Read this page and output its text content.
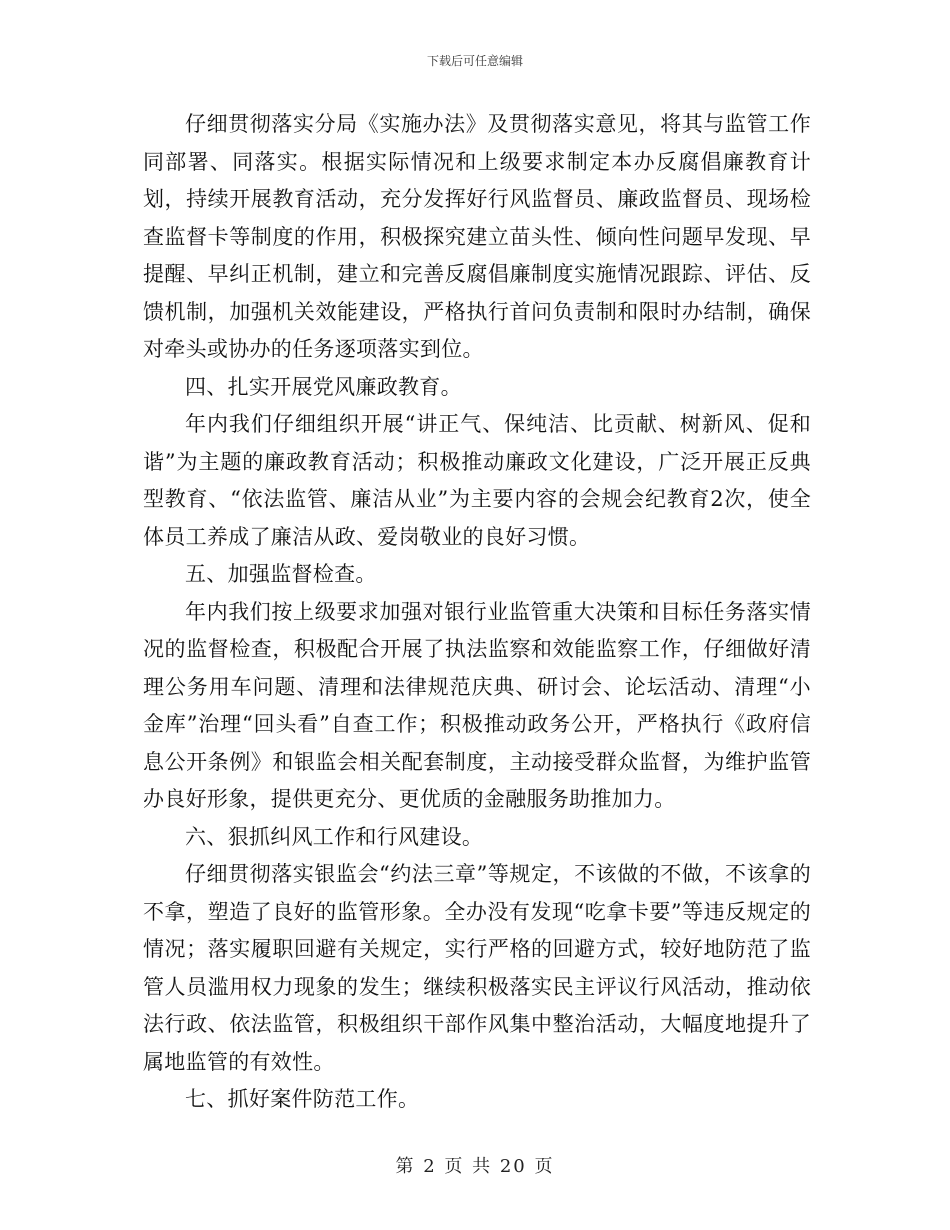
下载后可任意编辑

仔细贯彻落实分局《实施办法》及贯彻落实意见，将其与监管工作同部署、同落实。根据实际情况和上级要求制定本办反腐倡廉教育计划，持续开展教育活动，充分发挥好行风监督员、廉政监督员、现场检查监督卡等制度的作用，积极探究建立苗头性、倾向性问题早发现、早提醒、早纠正机制，建立和完善反腐倡廉制度实施情况跟踪、评估、反馈机制，加强机关效能建设，严格执行首问负责制和限时办结制，确保对牵头或协办的任务逐项落实到位。

四、扎实开展党风廉政教育。

年内我们仔细组织开展“讲正气、保纯洁、比贡献、树新风、促和谐”为主题的廉政教育活动；积极推动廉政文化建设，广泛开展正反典型教育、“依法监管、廉洁从业”为主要内容的会规会纪教育2次，使全体员工养成了廉洁从政、爱岗敬业的良好习惯。

五、加强监督检查。

年内我们按上级要求加强对银行业监管重大决策和目标任务落实情况的监督检查，积极配合开展了执法监察和效能监察工作，仔细做好清理公务用车问题、清理和法律规范庆典、研讨会、论坛活动、清理“小金库”治理“回头看”自查工作；积极推动政务公开，严格执行《政府信息公开条例》和银监会相关配套制度，主动接受群众监督，为维护监管办良好形象，提供更充分、更优质的金融服务助推加力。

六、狠抓纠风工作和行风建设。

仔细贯彻落实银监会“约法三章”等规定，不该做的不做，不该拿的不拿，塑造了良好的监管形象。全办没有发现“吃拿卡要”等违反规定的情况；落实履职回避有关规定，实行严格的回避方式，较好地防范了监管人员滥用权力现象的发生；继续积极落实民主评议行风活动，推动依法行政、依法监管，积极组织干部作风集中整治活动，大幅度地提升了属地监管的有效性。

七、抓好案件防范工作。

第 2 页 共 20 页
